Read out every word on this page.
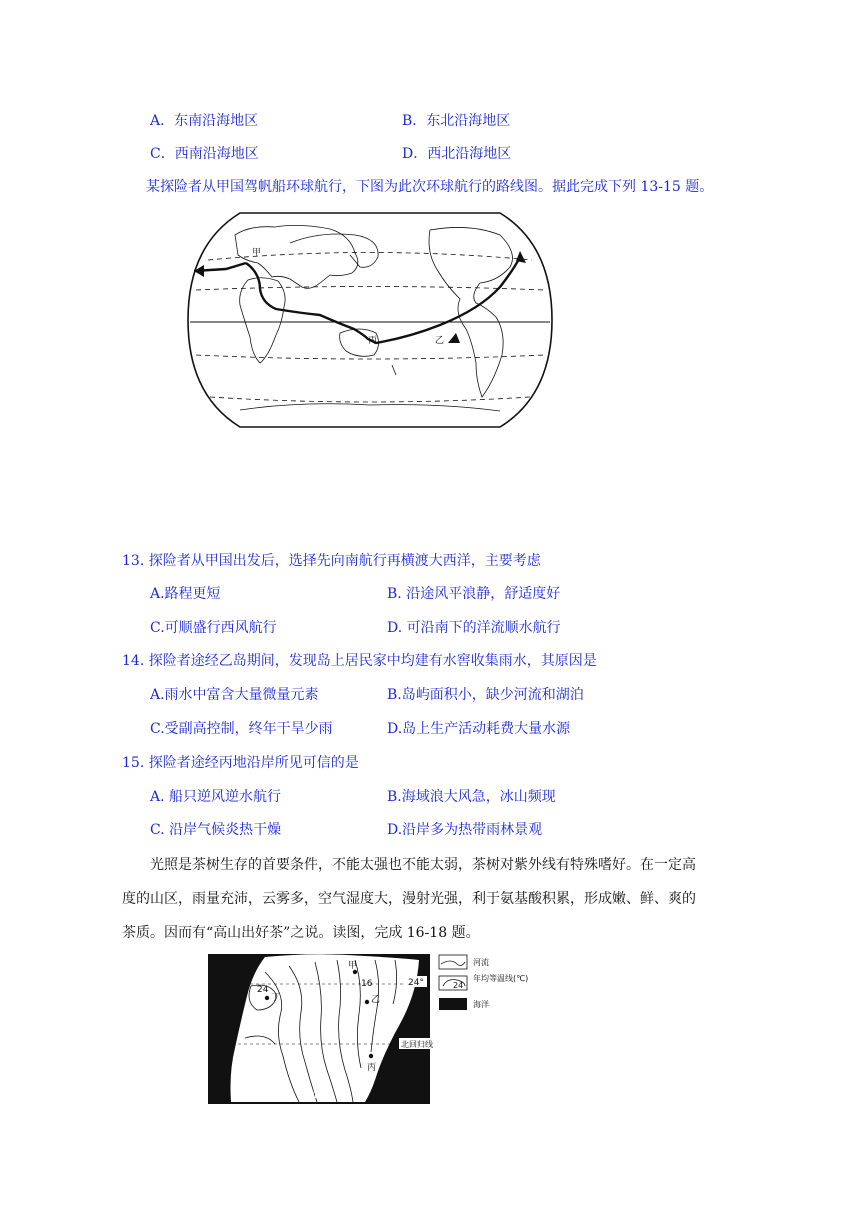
A．东南沿海地区	B．东北沿海地区
C．西南沿海地区	D．西北沿海地区
某探险者从甲国驾帆船环球航行，下图为此次环球航行的路线图。据此完成下列 13-15 题。
甲
乙
丙
13. 探险者从甲国出发后，选择先向南航行再横渡大西洋，主要考虑
A.路程更短	B. 沿途风平浪静，舒适度好
C.可顺盛行西风航行	D. 可沿南下的洋流顺水航行
14. 探险者途经乙岛期间，发现岛上居民家中均建有水窖收集雨水，其原因是
A.雨水中富含大量微量元素	B.岛屿面积小，缺少河流和湖泊
C.受副高控制，终年干旱少雨	D.岛上生产活动耗费大量水源
15. 探险者途经丙地沿岸所见可信的是
A. 船只逆风逆水航行	B.海域浪大风急，冰山频现
C. 沿岸气候炎热干燥	D.沿岸多为热带雨林景观
光照是茶树生存的首要条件，不能太强也不能太弱，茶树对紫外线有特殊嗜好。在一定高
度的山区，雨量充沛，云雾多，空气湿度大，漫射光强，利于氨基酸积累，形成嫩、鲜、爽的
茶质。因而有“高山出好茶”之说。读图，完成 16-18 题。
甲
乙
丙
丁
24
16	24°
北回归线
121°E
河流
24
年均等温线(℃)
海洋
